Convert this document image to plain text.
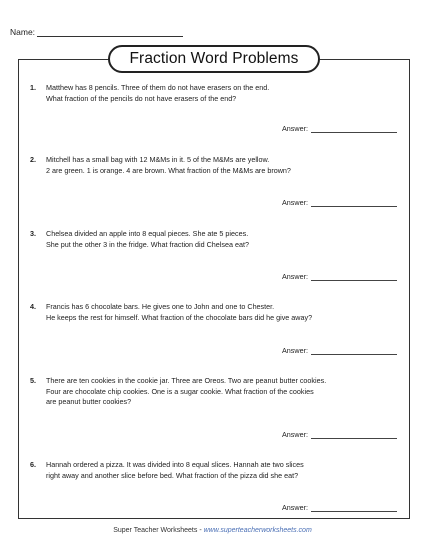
Name:
Fraction Word Problems
1. Matthew has 8 pencils. Three of them do not have erasers on the end.
What fraction of the pencils do not have erasers of the end?
Answer:
2. Mitchell has a small bag with 12 M&Ms in it. 5 of the M&Ms are yellow.
2 are green. 1 is orange. 4 are brown. What fraction of the M&Ms are brown?
Answer:
3. Chelsea divided an apple into 8 equal pieces. She ate 5 pieces.
She put the other 3 in the fridge. What fraction did Chelsea eat?
Answer:
4. Francis has 6 chocolate bars. He gives one to John and one to Chester.
He keeps the rest for himself. What fraction of the chocolate bars did he give away?
Answer:
5. There are ten cookies in the cookie jar. Three are Oreos. Two are peanut butter cookies.
Four are chocolate chip cookies. One is a sugar cookie. What fraction of the cookies
are peanut butter cookies?
Answer:
6. Hannah ordered a pizza. It was divided into 8 equal slices. Hannah ate two slices
right away and another slice before bed. What fraction of the pizza did she eat?
Answer:
Super Teacher Worksheets - www.superteacherworksheets.com
